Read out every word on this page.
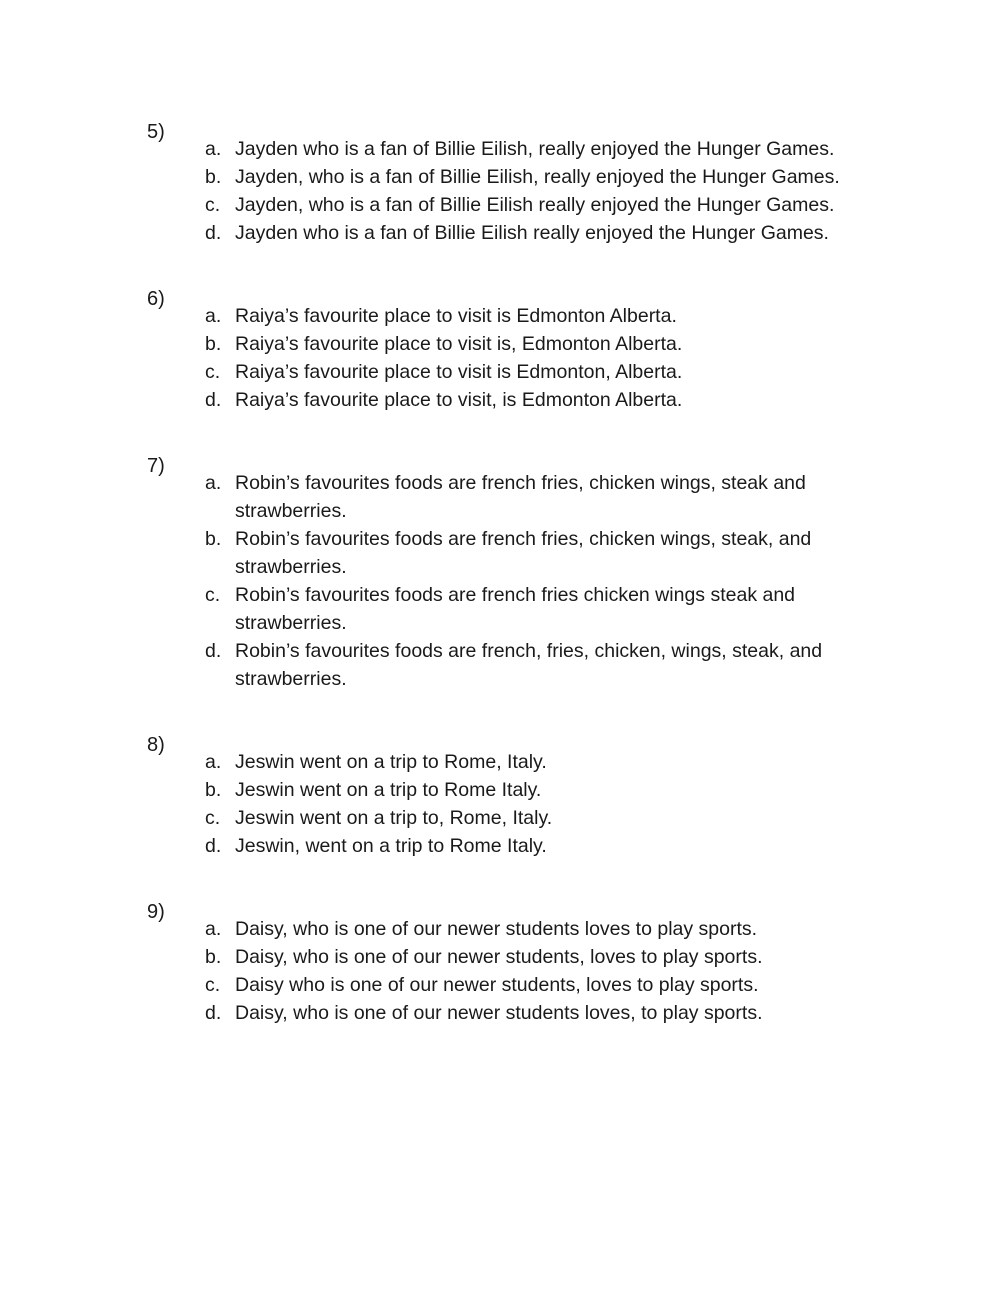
5)
a. Jayden who is a fan of Billie Eilish, really enjoyed the Hunger Games.
b. Jayden, who is a fan of Billie Eilish, really enjoyed the Hunger Games.
c. Jayden, who is a fan of Billie Eilish really enjoyed the Hunger Games.
d. Jayden who is a fan of Billie Eilish really enjoyed the Hunger Games.
6)
a. Raiya’s favourite place to visit is Edmonton Alberta.
b. Raiya’s favourite place to visit is, Edmonton Alberta.
c. Raiya’s favourite place to visit is Edmonton, Alberta.
d. Raiya’s favourite place to visit, is Edmonton Alberta.
7)
a. Robin’s favourites foods are french fries, chicken wings, steak and strawberries.
b. Robin’s favourites foods are french fries, chicken wings, steak, and strawberries.
c. Robin’s favourites foods are french fries chicken wings steak and strawberries.
d. Robin’s favourites foods are french, fries, chicken, wings, steak, and strawberries.
8)
a. Jeswin went on a trip to Rome, Italy.
b. Jeswin went on a trip to Rome Italy.
c. Jeswin went on a trip to, Rome, Italy.
d. Jeswin, went on a trip to Rome Italy.
9)
a. Daisy, who is one of our newer students loves to play sports.
b. Daisy, who is one of our newer students, loves to play sports.
c. Daisy who is one of our newer students, loves to play sports.
d. Daisy, who is one of our newer students loves, to play sports.
